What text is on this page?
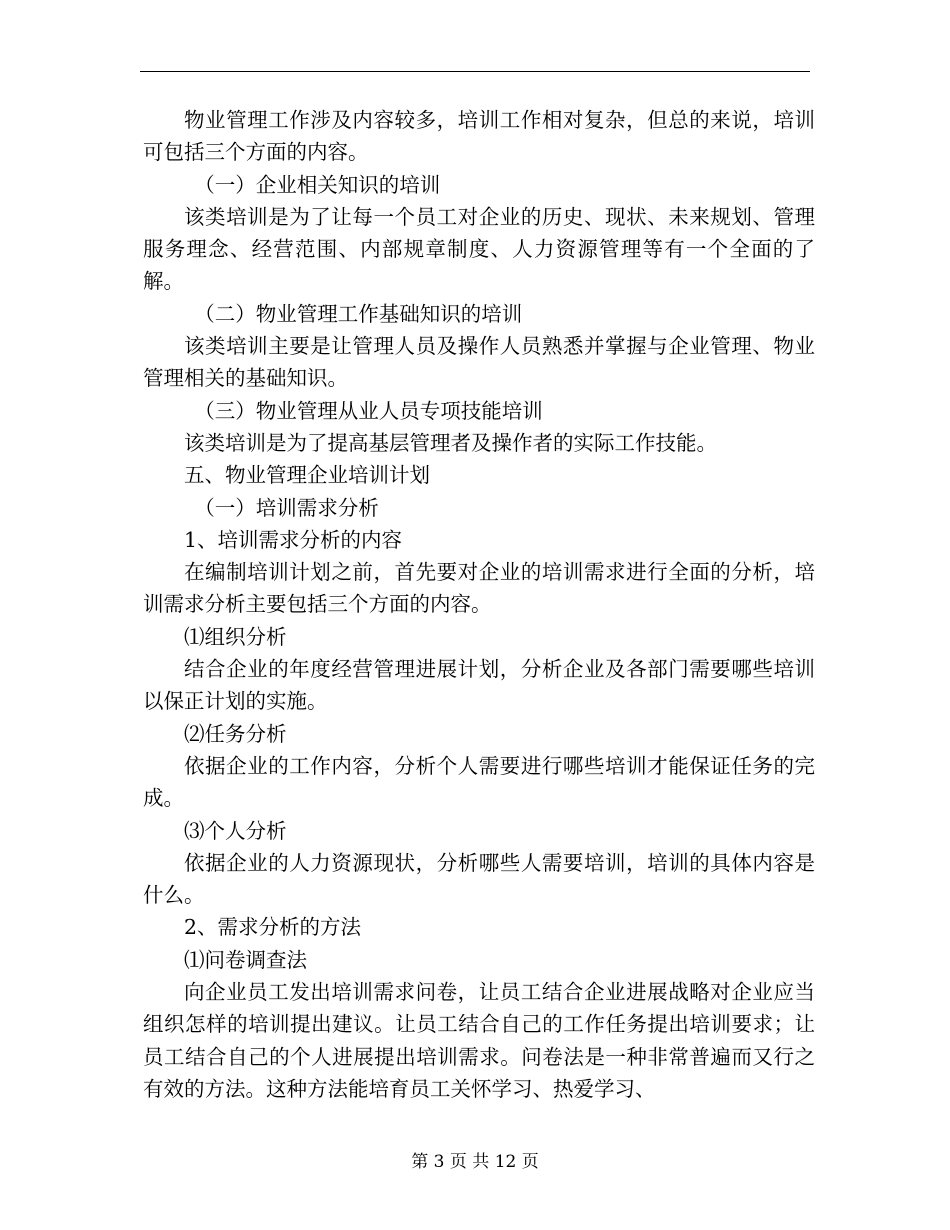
物业管理工作涉及内容较多，培训工作相对复杂，但总的来说，培训可包括三个方面的内容。

（一）企业相关知识的培训

该类培训是为了让每一个员工对企业的历史、现状、未来规划、管理服务理念、经营范围、内部规章制度、人力资源管理等有一个全面的了解。

（二）物业管理工作基础知识的培训

该类培训主要是让管理人员及操作人员熟悉并掌握与企业管理、物业管理相关的基础知识。

（三）物业管理从业人员专项技能培训

该类培训是为了提高基层管理者及操作者的实际工作技能。

五、物业管理企业培训计划

（一）培训需求分析

1、培训需求分析的内容

在编制培训计划之前，首先要对企业的培训需求进行全面的分析，培训需求分析主要包括三个方面的内容。

⑴组织分析

结合企业的年度经营管理进展计划，分析企业及各部门需要哪些培训以保正计划的实施。

⑵任务分析

依据企业的工作内容，分析个人需要进行哪些培训才能保证任务的完成。

⑶个人分析

依据企业的人力资源现状，分析哪些人需要培训，培训的具体内容是什么。

2、需求分析的方法

⑴问卷调查法

向企业员工发出培训需求问卷，让员工结合企业进展战略对企业应当组织怎样的培训提出建议。让员工结合自己的工作任务提出培训要求；让员工结合自己的个人进展提出培训需求。问卷法是一种非常普遍而又行之有效的方法。这种方法能培育员工关怀学习、热爱学习、

第 3 页 共 12 页
